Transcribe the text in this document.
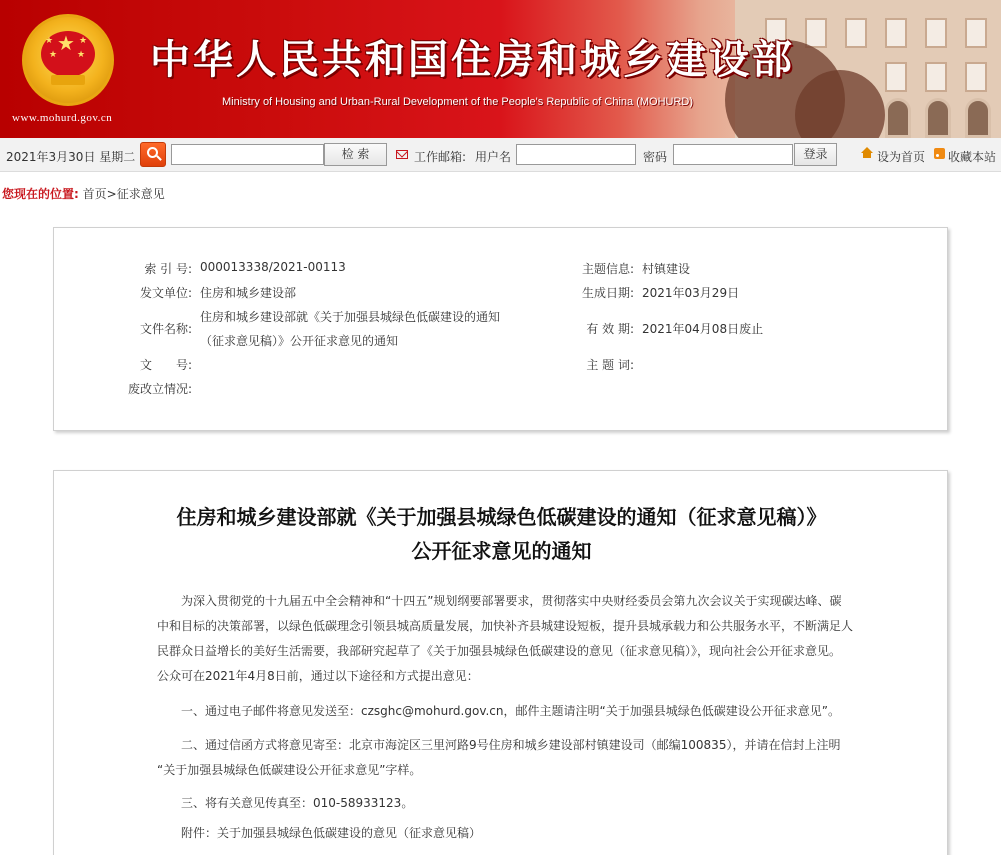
★
★
★
★
★
www.mohurd.gov.cn
中华人民共和国住房和城乡建设部
Ministry of Housing and Urban-Rural Development of the People's Republic of China (MOHURD)
2021年3月30日 星期二	检 索	工作邮箱: 用户名	密码	登录	设为首页 收藏本站
您现在的位置: 首页>征求意见
索 引 号: 000013338/2021-00113
发文单位: 住房和城乡建设部
文件名称:
住房和城乡建设部就《关于加强县城绿色低碳建设的通知
（征求意见稿）》公开征求意见的通知
文　　号:
废改立情况:
主题信息: 村镇建设
生成日期: 2021年03月29日
有 效 期: 2021年04月08日废止
主 题 词:
住房和城乡建设部就《关于加强县城绿色低碳建设的通知（征求意见稿）》
公开征求意见的通知
　　为深入贯彻党的十九届五中全会精神和“十四五”规划纲要部署要求，贯彻落实中央财经委员会第九次会议关于实现碳达峰、碳
中和目标的决策部署，以绿色低碳理念引领县城高质量发展，加快补齐县城建设短板，提升县城承载力和公共服务水平，不断满足人
民群众日益增长的美好生活需要，我部研究起草了《关于加强县城绿色低碳建设的意见（征求意见稿）》，现向社会公开征求意见。
公众可在2021年4月8日前，通过以下途径和方式提出意见：
　　一、通过电子邮件将意见发送至：czsghc@mohurd.gov.cn，邮件主题请注明“关于加强县城绿色低碳建设公开征求意见”。
　　二、通过信函方式将意见寄至：北京市海淀区三里河路9号住房和城乡建设部村镇建设司（邮编100835），并请在信封上注明
“关于加强县城绿色低碳建设公开征求意见”字样。
　　三、将有关意见传真至：010-58933123。
　　附件：关于加强县城绿色低碳建设的意见（征求意见稿）
